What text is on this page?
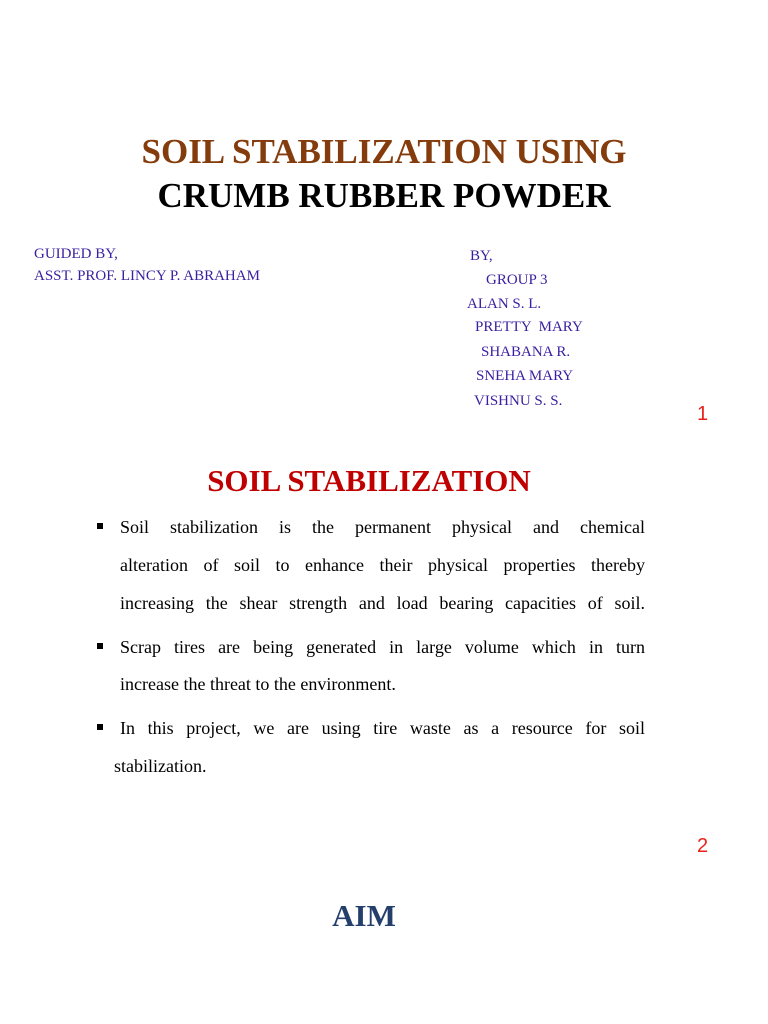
SOIL STABILIZATION USING
CRUMB RUBBER POWDER
GUIDED BY,
ASST. PROF. LINCY P. ABRAHAM
BY,
GROUP 3
ALAN S. L.
PRETTY  MARY
SHABANA R.
SNEHA MARY
VISHNU S. S.
1
SOIL STABILIZATION
Soil stabilization is the permanent physical and chemical
alteration of soil to enhance their physical properties thereby
increasing the shear strength and load bearing capacities of soil.
Scrap tires are being generated in large volume which in turn
increase the threat to the environment.
In this project, we are using tire waste as a resource for soil
stabilization.
2
AIM
